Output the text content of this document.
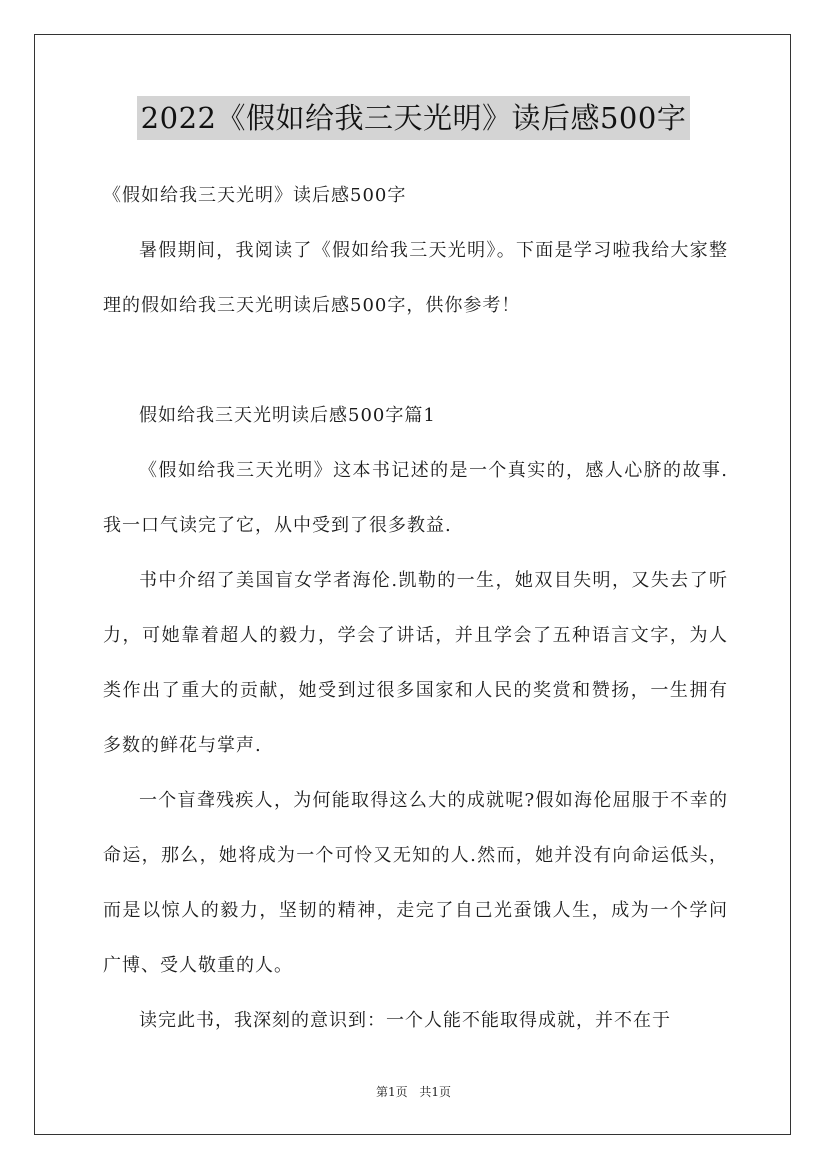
2022《假如给我三天光明》读后感500字

《假如给我三天光明》读后感500字

暑假期间，我阅读了《假如给我三天光明》。下面是学习啦我给大家整理的假如给我三天光明读后感500字，供你参考！

假如给我三天光明读后感500字篇1

《假如给我三天光明》这本书记述的是一个真实的，感人心脐的故事.我一口气读完了它，从中受到了很多教益.

书中介绍了美国盲女学者海伦.凯勒的一生，她双目失明，又失去了听力，可她靠着超人的毅力，学会了讲话，并且学会了五种语言文字，为人类作出了重大的贡献，她受到过很多国家和人民的奖赏和赞扬，一生拥有多数的鲜花与掌声.

一个盲聋残疾人，为何能取得这么大的成就呢?假如海伦屈服于不幸的命运，那么，她将成为一个可怜又无知的人.然而，她并没有向命运低头，而是以惊人的毅力，坚韧的精神，走完了自己光蚕饿人生，成为一个学问广博、受人敬重的人。

读完此书，我深刻的意识到：一个人能不能取得成就，并不在于

第1页 共1页
